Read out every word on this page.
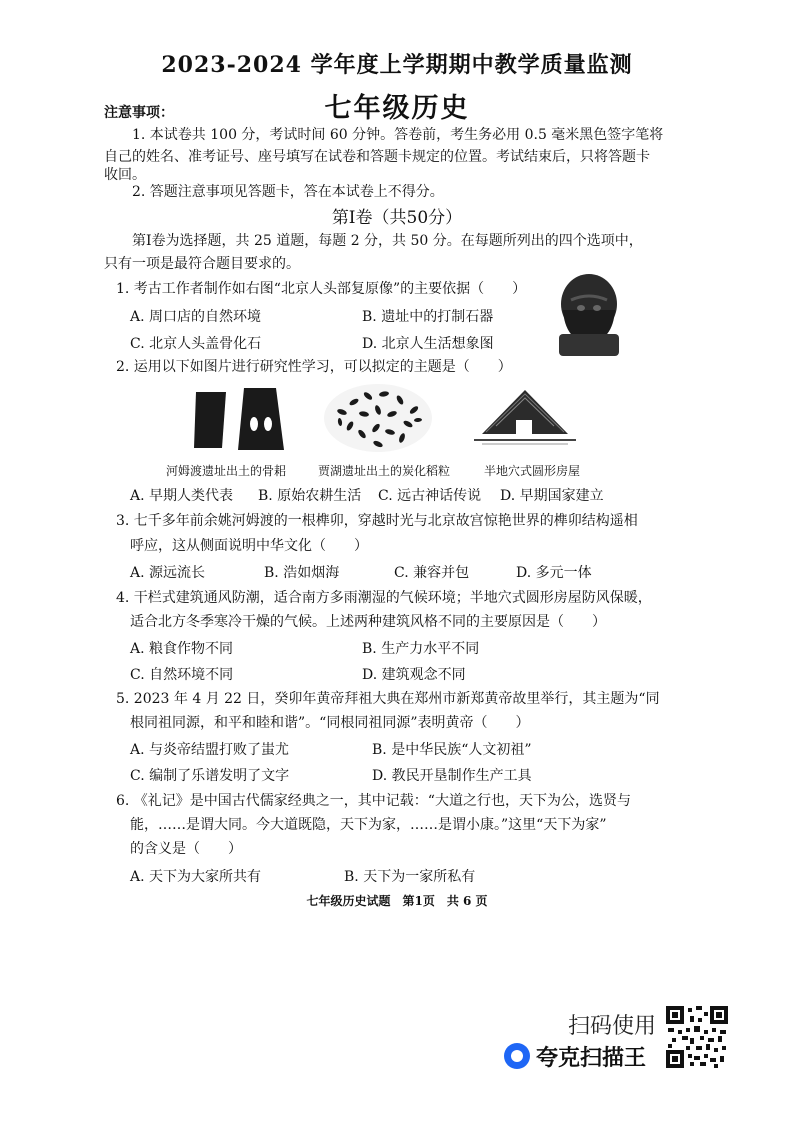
2023-2024 学年度上学期期中教学质量监测
七年级历史
注意事项：
1. 本试卷共 100 分，考试时间 60 分钟。答卷前，考生务必用 0.5 毫米黑色签字笔将
自己的姓名、准考证号、座号填写在试卷和答题卡规定的位置。考试结束后，只将答题卡
收回。
2. 答题注意事项见答题卡，答在本试卷上不得分。
第Ⅰ卷（共50分）
第Ⅰ卷为选择题，共 25 道题，每题 2 分，共 50 分。在每题所列出的四个选项中，
只有一项是最符合题目要求的。
1. 考古工作者制作如右图“北京人头部复原像”的主要依据（　　）
A. 周口店的自然环境	B. 遗址中的打制石器
C. 北京人头盖骨化石	D. 北京人生活想象图
2. 运用以下如图片进行研究性学习，可以拟定的主题是（　　）
河姆渡遗址出土的骨耜	贾湖遗址出土的炭化稻粒	半地穴式圆形房屋
A. 早期人类代表 B. 原始农耕生活 C. 远古神话传说 D. 早期国家建立
3. 七千多年前余姚河姆渡的一根榫卯，穿越时光与北京故宫惊艳世界的榫卯结构遥相
呼应，这从侧面说明中华文化（　　）
A. 源远流长	B. 浩如烟海	C. 兼容并包	D. 多元一体
4. 干栏式建筑通风防潮，适合南方多雨潮湿的气候环境；半地穴式圆形房屋防风保暖，
适合北方冬季寒冷干燥的气候。上述两种建筑风格不同的主要原因是（　　）
A. 粮食作物不同	B. 生产力水平不同
C. 自然环境不同	D. 建筑观念不同
5. 2023 年 4 月 22 日，癸卯年黄帝拜祖大典在郑州市新郑黄帝故里举行，其主题为“同
根同祖同源，和平和睦和谐”。“同根同祖同源”表明黄帝（　　）
A. 与炎帝结盟打败了蚩尤	B. 是中华民族“人文初祖”
C. 编制了乐谱发明了文字	D. 教民开垦制作生产工具
6. 《礼记》是中国古代儒家经典之一，其中记载：“大道之行也，天下为公，选贤与
能，……是谓大同。今大道既隐，天下为家，……是谓小康。”这里“天下为家”
的含义是（　　）
A. 天下为大家所共有	B. 天下为一家所私有
七年级历史试题　第1页　共 6 页
扫码使用
夸克扫描王
